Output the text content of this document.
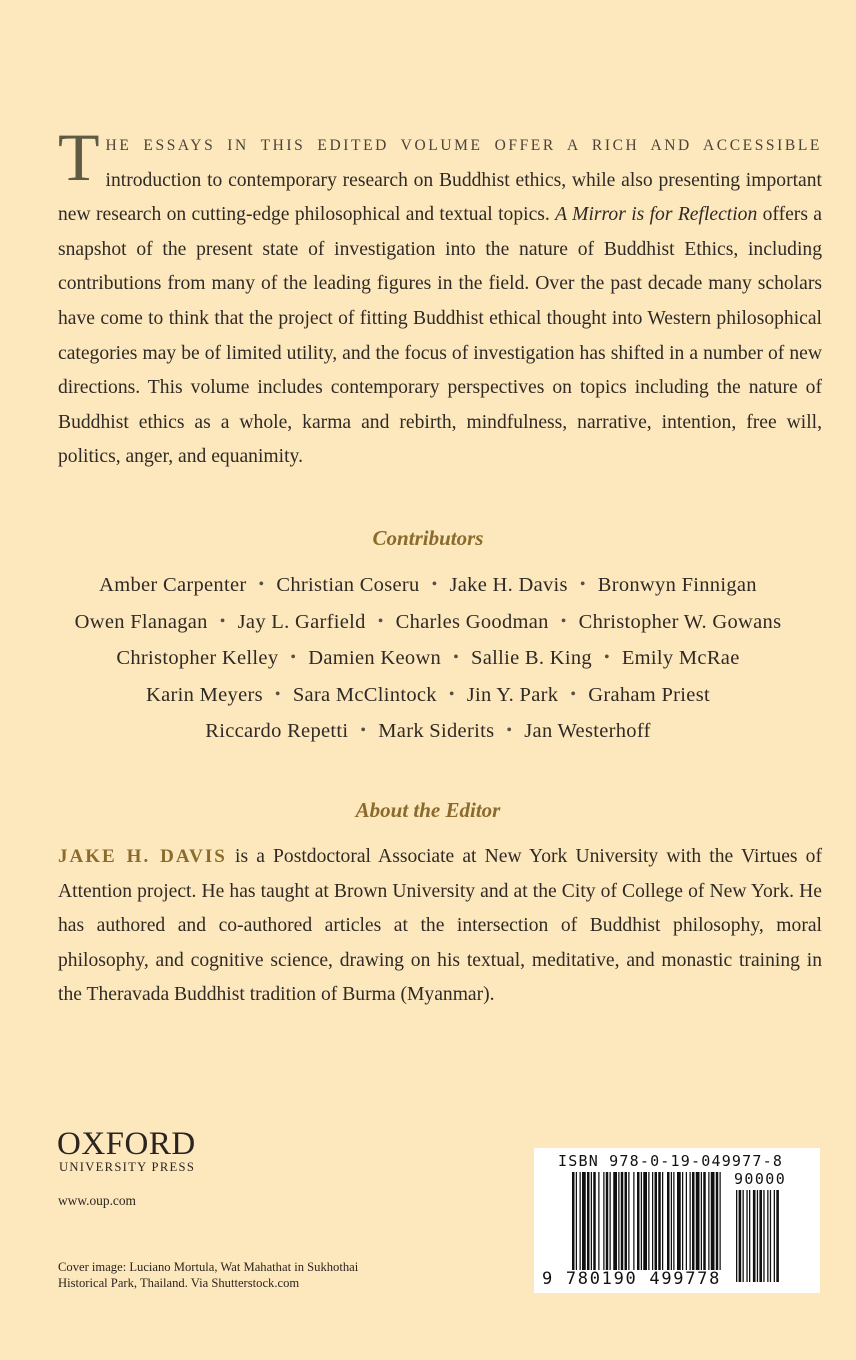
THE ESSAYS IN THIS EDITED VOLUME OFFER A RICH AND ACCESSIBLE introduction to contemporary research on Buddhist ethics, while also presenting important new research on cutting-edge philosophical and textual topics. A Mirror is for Reflection offers a snapshot of the present state of investigation into the nature of Buddhist Ethics, including contributions from many of the leading figures in the field. Over the past decade many scholars have come to think that the project of fitting Buddhist ethical thought into Western philosophical categories may be of limited utility, and the focus of investigation has shifted in a number of new directions. This volume includes contemporary perspectives on topics including the nature of Buddhist ethics as a whole, karma and rebirth, mindfulness, narrative, intention, free will, politics, anger, and equanimity.
Contributors
Amber Carpenter • Christian Coseru • Jake H. Davis • Bronwyn Finnigan
Owen Flanagan • Jay L. Garfield • Charles Goodman • Christopher W. Gowans
Christopher Kelley • Damien Keown • Sallie B. King • Emily McRae
Karin Meyers • Sara McClintock • Jin Y. Park • Graham Priest
Riccardo Repetti • Mark Siderits • Jan Westerhoff
About the Editor
JAKE H. DAVIS is a Postdoctoral Associate at New York University with the Virtues of Attention project. He has taught at Brown University and at the City of College of New York. He has authored and co-authored articles at the intersection of Buddhist philosophy, moral philosophy, and cognitive science, drawing on his textual, meditative, and monastic training in the Theravada Buddhist tradition of Burma (Myanmar).
OXFORD
UNIVERSITY PRESS
www.oup.com
Cover image: Luciano Mortula, Wat Mahathat in Sukhothai
Historical Park, Thailand. Via Shutterstock.com
ISBN 978-0-19-049977-8
90000
9 780190 499778
